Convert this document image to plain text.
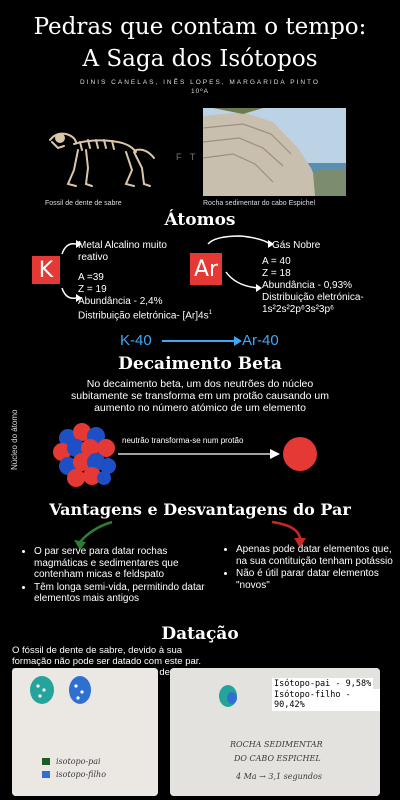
Pedras que contam o tempo:
A Saga dos Isótopos
DINIS CANELAS, INÊS LOPES, MARGARIDA PINTO
10ºA
Fossil de dente de sabre
F T
Rocha sedimentar do cabo Espichel
Átomos
K
Metal Alcalino muito reativo
A =39
Z = 19
Abundância - 2,4%
Distribuição eletrónica- $[Ar]4s^1$
Ar
Gás Nobre
A = 40
Z = 18
Abundância - 0,93%
Distribuição eletrónica-
1s²2s²2p⁶3s²3p⁶
K-40	Ar-40
Decaimento Beta
No decaimento beta, um dos neutrões do núcleo subitamente se transforma em um protão causando um aumento no número atómico de um elemento
Núcleo do átomo	neutrão transforma-se num protão
Vantagens e Desvantagens do Par
• O par serve para datar rochas magmáticas e sedimentares que contenham micas e feldspato
• Têm longa semi-vida, permitindo datar elementos mais antigos
• Apenas pode datar elementos que, na sua contituição tenham potássio
• Não é útil parar datar elementos "novos"
Datação

O fóssil de dente de sabre, devido à sua
formação não pode ser datado com este par.
de
isotopo-pai
isotopo-filho
Isótopo-pai - 9,58%
Isótopo-filho - 90,42%
ROCHA SEDIMENTAR
DO CABO ESPICHEL
4 Ma → 3,1 segundos
